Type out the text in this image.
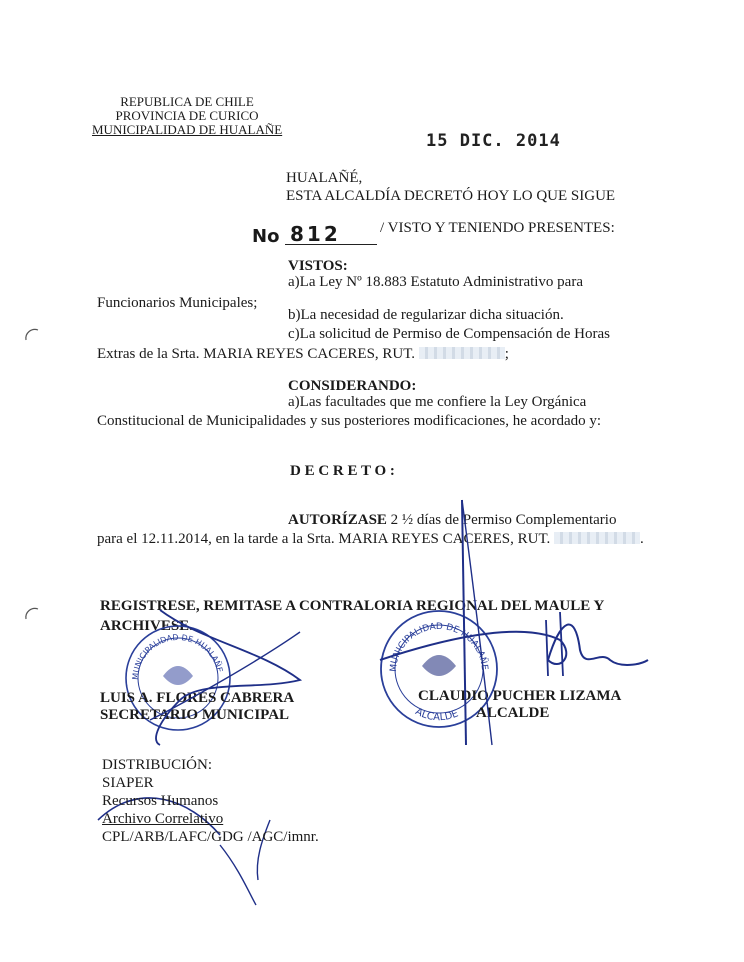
REPUBLICA DE CHILE
PROVINCIA DE CURICO
MUNICIPALIDAD DE HUALAÑE
15 DIC. 2014
HUALAÑÉ,
ESTA ALCALDÍA DECRETÓ HOY LO QUE SIGUE
No 812	/ VISTO Y TENIENDO PRESENTES:
VISTOS:
a)La Ley Nº 18.883 Estatuto Administrativo para
Funcionarios Municipales;
b)La necesidad de regularizar dicha situación.
c)La solicitud de Permiso de Compensación de Horas
Extras de la Srta. MARIA REYES CACERES, RUT.	;
CONSIDERANDO:
a)Las facultades que me confiere la Ley Orgánica
Constitucional de Municipalidades y sus posteriores modificaciones, he acordado y:
D E C R E T O :
AUTORÍZASE 2 ½ días de Permiso Complementario
para el 12.11.2014, en la tarde a la Srta. MARIA REYES CACERES, RUT.	.
REGISTRESE, REMITASE A CONTRALORIA REGIONAL DEL MAULE Y
ARCHIVESE.
MUNICIPALIDAD DE HUALAÑE	MUNICIPALIDAD DE HUALAÑE
ALCALDE
LUIS A. FLORES CABRERA
SECRETARIO MUNICIPAL
CLAUDIO PUCHER LIZAMA
ALCALDE
DISTRIBUCIÓN:
SIAPER
Recursos Humanos
Archivo Correlativo
CPL/ARB/LAFC/GDG /AGC/imnr.
